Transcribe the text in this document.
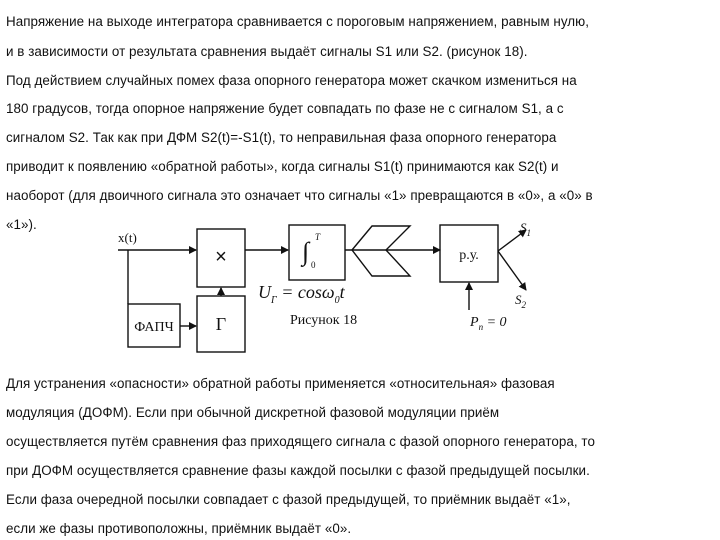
Напряжение на выходе интегратора сравнивается с пороговым напряжением, равным нулю,
и в зависимости от результата сравнения выдаёт сигналы S1 или S2. (рисунок 18).
Под действием случайных помех фаза опорного генератора может скачком измениться на
180 градусов, тогда опорное напряжение будет совпадать по фазе не с сигналом S1, а с
сигналом S2. Так как при ДФМ S2(t)=-S1(t), то неправильная фаза опорного генератора
приводит к появлению «обратной работы», когда сигналы S1(t) принимаются как S2(t) и
наоборот (для двоичного сигнала это означает что сигналы «1» превращаются в «0», а «0» в
«1»).
x(t)
×	∫ T
0
р.у.
$S_1$
$S_2$
ФАПЧ Г
$U_Г = \cos\omega_0t$
Рисунок 18	$P_п = 0$
Для устранения «опасности» обратной работы применяется «относительная» фазовая
модуляция (ДОФМ). Если при обычной дискретной фазовой модуляции приём
осуществляется путём сравнения фаз приходящего сигнала с фазой опорного генератора, то
при ДОФМ осуществляется сравнение фазы каждой посылки с фазой предыдущей посылки.
Если фаза очередной посылки совпадает с фазой предыдущей, то приёмник выдаёт «1»,
если же фазы противоположны, приёмник выдаёт «0».
